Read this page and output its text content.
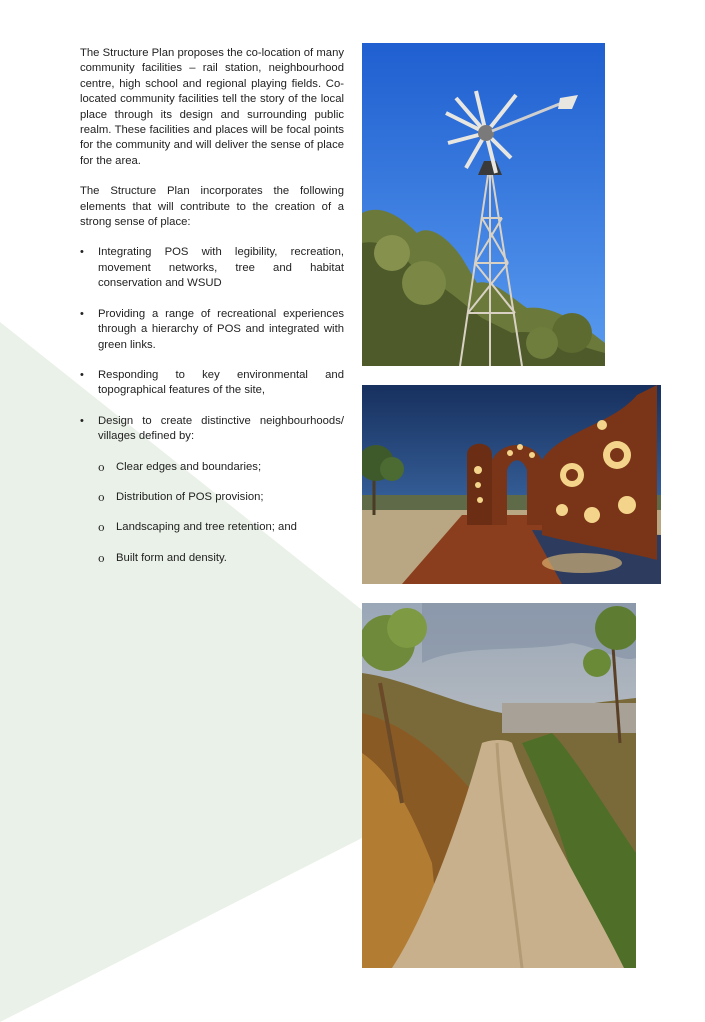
The Structure Plan proposes the co-location of many community facilities – rail station, neighbourhood centre, high school and regional playing fields. Co-located community facilities tell the story of the local place through its design and surrounding public realm. These facilities and places will be focal points for the community and will deliver the sense of place for the area.

The Structure Plan incorporates the following elements that will contribute to the creation of a strong sense of place:

• Integrating POS with legibility, recreation, movement networks, tree and habitat conservation and WSUD
• Providing a range of recreational experiences through a hierarchy of POS and integrated with green links.
• Responding to key environmental and topographical features of the site,
• Design to create distinctive neighbourhoods/ villages defined by:
o Clear edges and boundaries;
o Distribution of POS provision;
o Landscaping and tree retention; and
o Built form and density.
